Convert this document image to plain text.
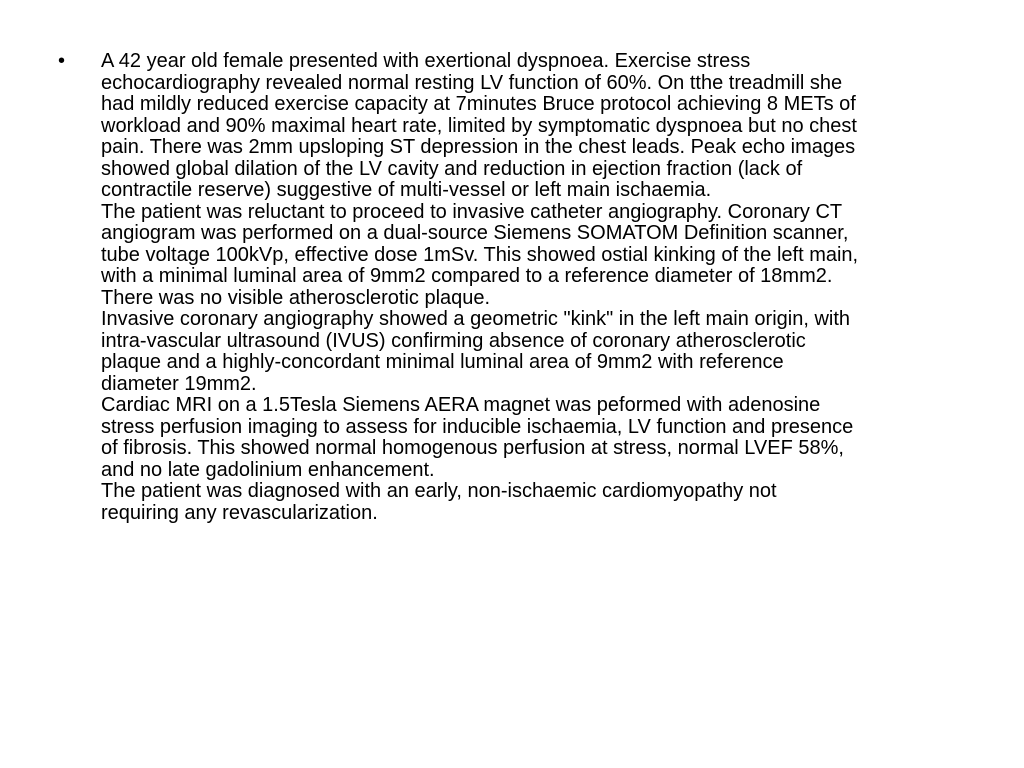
• A 42 year old female presented with exertional dyspnoea. Exercise stress
echocardiography revealed normal resting LV function of 60%. On tthe treadmill she
had mildly reduced exercise capacity at 7minutes Bruce protocol achieving 8 METs of
workload and 90% maximal heart rate, limited by symptomatic dyspnoea but no chest
pain. There was 2mm upsloping ST depression in the chest leads. Peak echo images
showed global dilation of the LV cavity and reduction in ejection fraction (lack of
contractile reserve) suggestive of multi-vessel or left main ischaemia.
The patient was reluctant to proceed to invasive catheter angiography. Coronary CT
angiogram was performed on a dual-source Siemens SOMATOM Definition scanner,
tube voltage 100kVp, effective dose 1mSv. This showed ostial kinking of the left main,
with a minimal luminal area of 9mm2 compared to a reference diameter of 18mm2.
There was no visible atherosclerotic plaque.
Invasive coronary angiography showed a geometric "kink" in the left main origin, with
intra-vascular ultrasound (IVUS) confirming absence of coronary atherosclerotic
plaque and a highly-concordant minimal luminal area of 9mm2 with reference
diameter 19mm2.
Cardiac MRI on a 1.5Tesla Siemens AERA magnet was peformed with adenosine
stress perfusion imaging to assess for inducible ischaemia, LV function and presence
of fibrosis. This showed normal homogenous perfusion at stress, normal LVEF 58%,
and no late gadolinium enhancement.
The patient was diagnosed with an early, non-ischaemic cardiomyopathy not
requiring any revascularization.
